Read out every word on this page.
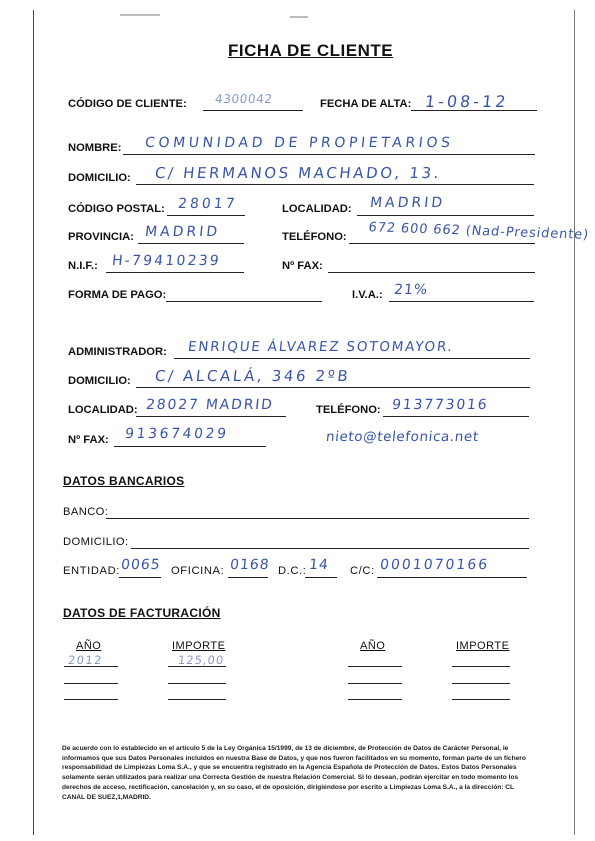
FICHA DE CLIENTE
CÓDIGO DE CLIENTE: 4300042	FECHA DE ALTA: 1-08-12
NOMBRE: COMUNIDAD DE PROPIETARIOS
DOMICILIO: C/ HERMANOS MACHADO, 13.
CÓDIGO POSTAL: 28017	LOCALIDAD: MADRID
PROVINCIA: MADRID	TELÉFONO: 672 600 662 (Nad-Presidente)
N.I.F.: H-79410239	Nº FAX:
FORMA DE PAGO:	I.V.A.: 21%
ADMINISTRADOR: ENRIQUE ÁLVAREZ SOTOMAYOR.
DOMICILIO: C/ ALCALÁ, 346 2ºB
LOCALIDAD: 28027 MADRID	TELÉFONO: 913773016
Nº FAX: 913674029	nieto@telefonica.net
DATOS BANCARIOS
BANCO:
DOMICILIO:
ENTIDAD: 0065 OFICINA: 0168 D.C.: 14 C/C: 0001070166
DATOS DE FACTURACIÓN
AÑO	IMPORTE	AÑO	IMPORTE
2012	125,00
De acuerdo con lo establecido en el artículo 5 de la Ley Orgánica 15/1999, de 13 de diciembre, de Protección de Datos de Carácter Personal, le informamos que sus Datos Personales incluidos en nuestra Base de Datos, y que nos fueron facilitados en su momento, forman parte de un fichero responsabilidad de Limpiezas Loma S.A., y que se encuentra registrado en la Agencia Española de Protección de Datos. Estos Datos Personales solamente serán utilizados para realizar una Correcta Gestión de nuestra Relación Comercial. Si lo desean, podrán ejercitar en todo momento los derechos de acceso, rectificación, cancelación y, en su caso, el de oposición, dirigiéndose por escrito a Limpiezas Loma S.A., a la dirección: CL CANAL DE SUEZ,1,MADRID.
